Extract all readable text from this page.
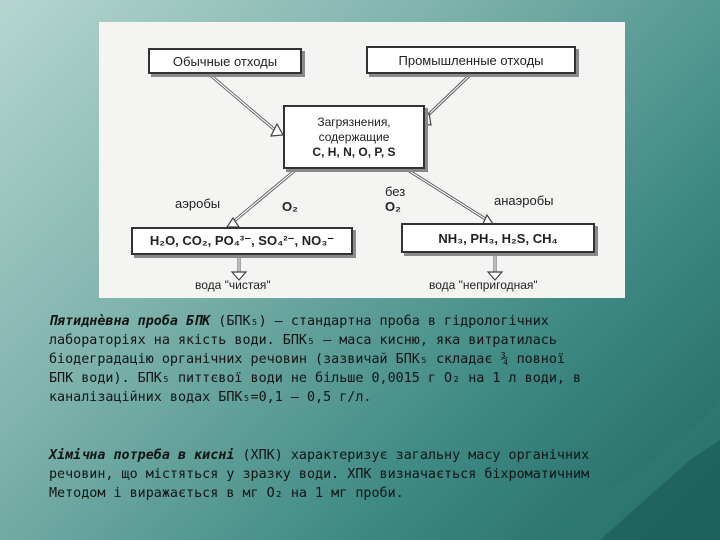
Обычные отходы	Промышленные отходы
Загрязнения,
содержащие
C, H, N, O, P, S
аэробы	O₂
без
O₂	анаэробы
H₂O, CO₂, PO₄³⁻, SO₄²⁻, NO₃⁻	NH₃, PH₃, H₂S, CH₄
вода "чистая"	вода "непригодная"
Пятиднѐвна проба БПК (БПК₅) – стандартна проба в гідрологічних
лабораторіях на якість води. БПК₅ – маса кисню, яка витратилась
біодеградацію органічних речовин (зазвичай БПК₅ складає ¾ повної
БПК води). БПК₅ питтєвої води не більше 0,0015 г O₂ на 1 л води, в
каналізаційних водах БПК₅=0,1 – 0,5 г/л.
Хімічна потреба в кисні (ХПК) характеризує загальну масу органічних
речовин, що містяться у зразку води. ХПК визначається біхроматичним
Методом і виражається в мг O₂ на 1 мг проби.
